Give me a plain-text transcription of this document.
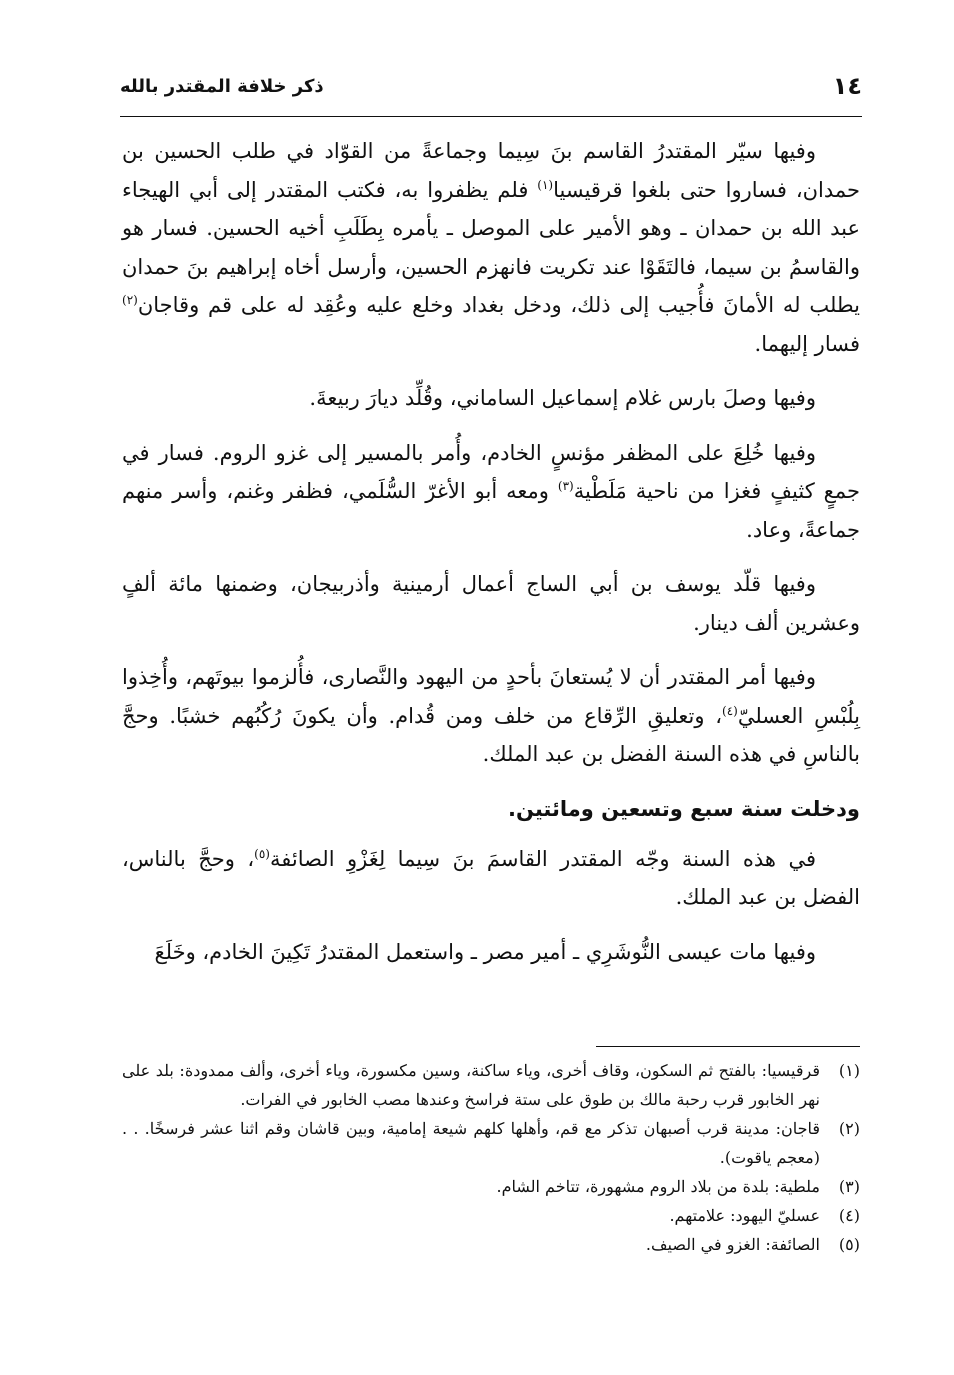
١٤
ذكر خلافة المقتدر بالله

وفيها سيّر المقتدرُ القاسم بنَ سِيما وجماعةً من القوّاد في طلب الحسين بن حمدان، فساروا حتى بلغوا قرقيسيا$^{(١)}$ فلم يظفروا به، فكتب المقتدر إلى أبي الهيجاء عبد الله بن حمدان ـ وهو الأمير على الموصل ـ يأمره بِطَلَبِ أخيه الحسين. فسار هو والقاسمُ بن سيما، فالتَقَوْا عند تكريت فانهزم الحسين، وأرسل أخاه إبراهيم بنَ حمدان يطلب له الأمانَ فأُجيب إلى ذلك، ودخل بغداد وخلع عليه وعُقِد له على قم وقاجان$^{(٢)}$ فسار إليهما.

وفيها وصلَ بارس غلام إسماعيل الساماني، وقُلِّد ديارَ ربيعةَ.

وفيها خُلِعَ على المظفر مؤنسٍ الخادم، وأُمر بالمسير إلى غزو الروم. فسار في جمعٍ كثيفٍ فغزا من ناحية مَلَطْية$^{(٣)}$ ومعه أبو الأغرّ السُّلَمي، فظفر وغنم، وأسر منهم جماعةً، وعاد.

وفيها قلّد يوسف بن أبي الساج أعمال أرمينية وأذربيجان، وضمنها مائة ألفٍ وعشرين ألف دينار.

وفيها أمر المقتدر أن لا يُستعانَ بأحدٍ من اليهود والنَّصارى، فأُلزموا بيوتَهم، وأُخِذوا بِلُبْسِ العسليّ$^{(٤)}$، وتعليقِ الرِّقاع من خلف ومن قُدام. وأن يكونَ رُكُبُهم خشبًا. وحجَّ بالناسِ في هذه السنة الفضل بن عبد الملك.

ودخلت سنة سبع وتسعين ومائتين.

في هذه السنة وجّه المقتدر القاسمَ بنَ سِيما لِغَزْوِ الصائفة$^{(٥)}$، وحجَّ بالناس، الفضل بن عبد الملك.

وفيها مات عيسى النُّوشَرِي ـ أمير مصر ـ واستعمل المقتدرُ تَكِينَ الخادم، وخَلَعَ

(١)
قرقيسيا: بالفتح ثم السكون، وقاف أخرى، وياء ساكنة، وسين مكسورة، وياء أخرى، وألف ممدودة: بلد على نهر الخابور قرب رحبة مالك بن طوق على ستة فراسخ وعندها مصب الخابور في الفرات.
(٢)
قاجان: مدينة قرب أصبهان تذكر مع قم، وأهلها كلهم شيعة إمامية، وبين قاشان وقم اثنا عشر فرسخًا. . . (معجم ياقوت).
(٣)
ملطية: بلدة من بلاد الروم مشهورة، تتاخم الشام.
(٤)
عسليّ اليهود: علامتهم.
(٥)
الصائفة: الغزو في الصيف.
